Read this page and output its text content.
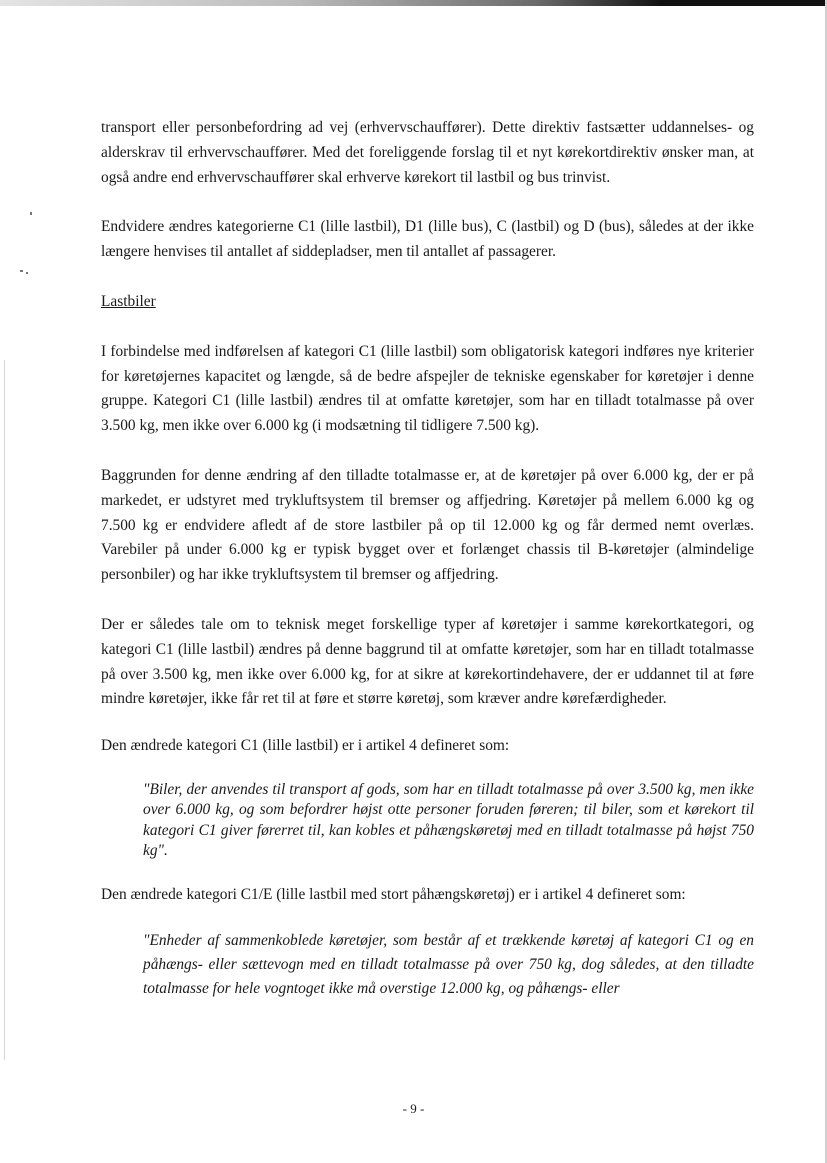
transport eller personbefordring ad vej (erhvervschauffører). Dette direktiv fastsætter uddannelses- og alderskrav til erhvervschauffører. Med det foreliggende forslag til et nyt kørekortdirektiv ønsker man, at også andre end erhvervschauffører skal erhverve kørekort til lastbil og bus trinvist.

Endvidere ændres kategorierne C1 (lille lastbil), D1 (lille bus), C (lastbil) og D (bus), således at der ikke længere henvises til antallet af siddepladser, men til antallet af passagerer.

Lastbiler

I forbindelse med indførelsen af kategori C1 (lille lastbil) som obligatorisk kategori indføres nye kriterier for køretøjernes kapacitet og længde, så de bedre afspejler de tekniske egenskaber for køretøjer i denne gruppe. Kategori C1 (lille lastbil) ændres til at omfatte køretøjer, som har en tilladt totalmasse på over 3.500 kg, men ikke over 6.000 kg (i modsætning til tidligere 7.500 kg).

Baggrunden for denne ændring af den tilladte totalmasse er, at de køretøjer på over 6.000 kg, der er på markedet, er udstyret med trykluftsystem til bremser og affjedring. Køretøjer på mellem 6.000 kg og 7.500 kg er endvidere afledt af de store lastbiler på op til 12.000 kg og får dermed nemt overlæs. Varebiler på under 6.000 kg er typisk bygget over et forlænget chassis til B-køretøjer (almindelige personbiler) og har ikke trykluftsystem til bremser og affjedring.

Der er således tale om to teknisk meget forskellige typer af køretøjer i samme kørekortkategori, og kategori C1 (lille lastbil) ændres på denne baggrund til at omfatte køretøjer, som har en tilladt totalmasse på over 3.500 kg, men ikke over 6.000 kg, for at sikre at kørekortindehavere, der er uddannet til at føre mindre køretøjer, ikke får ret til at føre et større køretøj, som kræver andre kørefærdigheder.

Den ændrede kategori C1 (lille lastbil) er i artikel 4 defineret som:

"Biler, der anvendes til transport af gods, som har en tilladt totalmasse på over 3.500 kg, men ikke over 6.000 kg, og som befordrer højst otte personer foruden føreren; til biler, som et kørekort til kategori C1 giver førerret til, kan kobles et påhængskøretøj med en tilladt totalmasse på højst 750 kg".

Den ændrede kategori C1/E (lille lastbil med stort påhængskøretøj) er i artikel 4 defineret som:

"Enheder af sammenkoblede køretøjer, som består af et trækkende køretøj af kategori C1 og en påhængs- eller sættevogn med en tilladt totalmasse på over 750 kg, dog således, at den tilladte totalmasse for hele vogntoget ikke må overstige 12.000 kg, og påhængs- eller

- 9 -
